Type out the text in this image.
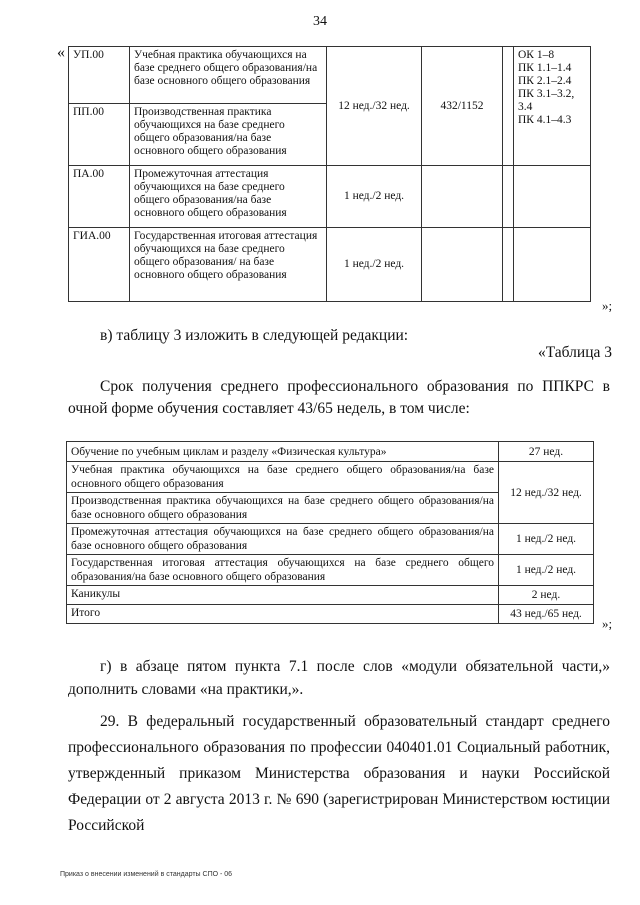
34
« УП.00	Учебная практика обучающихся на базе среднего общего образования/на базе основного общего образования	12 нед./32 нед.	432/1152		ОК 1–8
ПК 1.1–1.4
ПК 2.1–2.4
ПК 3.1–3.2, 3.4
ПК 4.1–4.3

ПП.00	Производственная практика обучающихся на базе среднего общего образования/на базе основного общего образования				
ПА.00	Промежуточная аттестация обучающихся на базе среднего общего образования/на базе основного общего образования	1 нед./2 нед.			
ГИА.00	Государственная итоговая аттестация обучающихся на базе среднего общего образования/ на базе основного общего образования	1 нед./2 нед.			
»;
в) таблицу 3 изложить в следующей редакции:
«Таблица 3
Срок получения среднего профессионального образования по ППКРС в очной форме обучения составляет 43/65 недель, в том числе:
Обучение по учебным циклам и разделу «Физическая культура»	27 нед.
Учебная практика обучающихся на базе среднего общего образования/на базе основного общего образования	12 нед./32 нед.
Производственная практика обучающихся на базе среднего общего образования/на базе основного общего образования	
Промежуточная аттестация обучающихся на базе среднего общего образования/на базе основного общего образования	1 нед./2 нед.
Государственная итоговая аттестация обучающихся на базе среднего общего образования/на базе основного общего образования	1 нед./2 нед.
Каникулы	2 нед.
Итого	43 нед./65 нед.
»;
г) в абзаце пятом пункта 7.1 после слов «модули обязательной части,» дополнить словами «на практики,».
29. В федеральный государственный образовательный стандарт среднего профессионального образования по профессии 040401.01 Социальный работник, утвержденный приказом Министерства образования и науки Российской Федерации от 2 августа 2013 г. № 690 (зарегистрирован Министерством юстиции Российской
Приказ о внесении изменений в стандарты СПО - 06
